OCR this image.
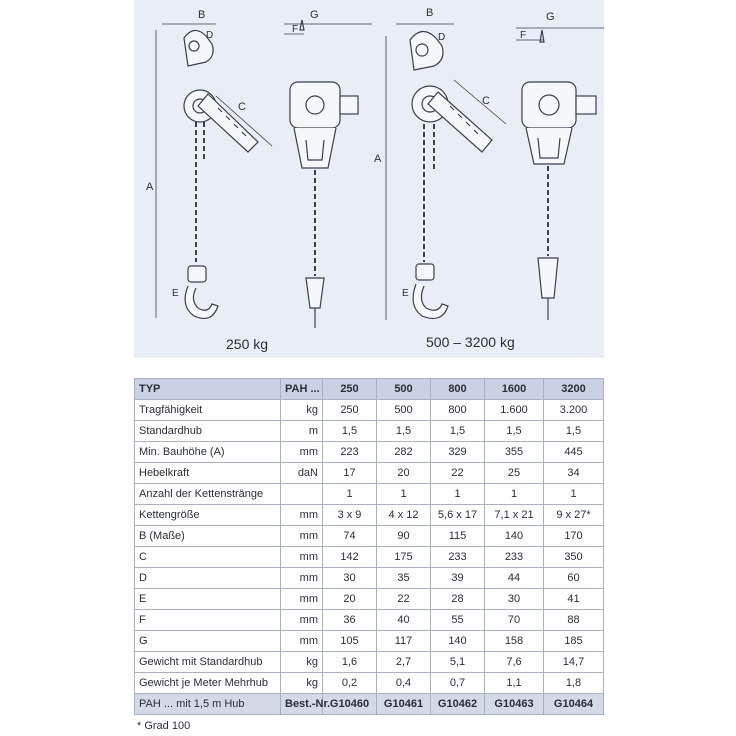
B
A
C
D
E
G
F
B
A
C
D
E
G
F
250 kg	500 – 3200 kg
TYP	PAH ...	250	500	800	1600	3200
Tragfähigkeit	kg	250	500	800	1.600	3.200
Standardhub	m	1,5	1,5	1,5	1,5	1,5
Min. Bauhöhe (A)	mm	223	282	329	355	445
Hebelkraft	daN	17	20	22	25	34
Anzahl der Kettenstränge		1	1	1	1	1
Kettengröße	mm	3 x 9	4 x 12	5,6 x 17	7,1 x 21	9 x 27*
B (Maße)	mm	74	90	115	140	170
C	mm	142	175	233	233	350
D	mm	30	35	39	44	60
E	mm	20	22	28	30	41
F	mm	36	40	55	70	88
G	mm	105	117	140	158	185
Gewicht mit Standardhub	kg	1,6	2,7	5,1	7,6	14,7
Gewicht je Meter Mehrhub	kg	0,2	0,4	0,7	1,1	1,8
PAH ... mit 1,5 m Hub	Best.-Nr.	G10460	G10461	G10462	G10463	G10464
* Grad 100
